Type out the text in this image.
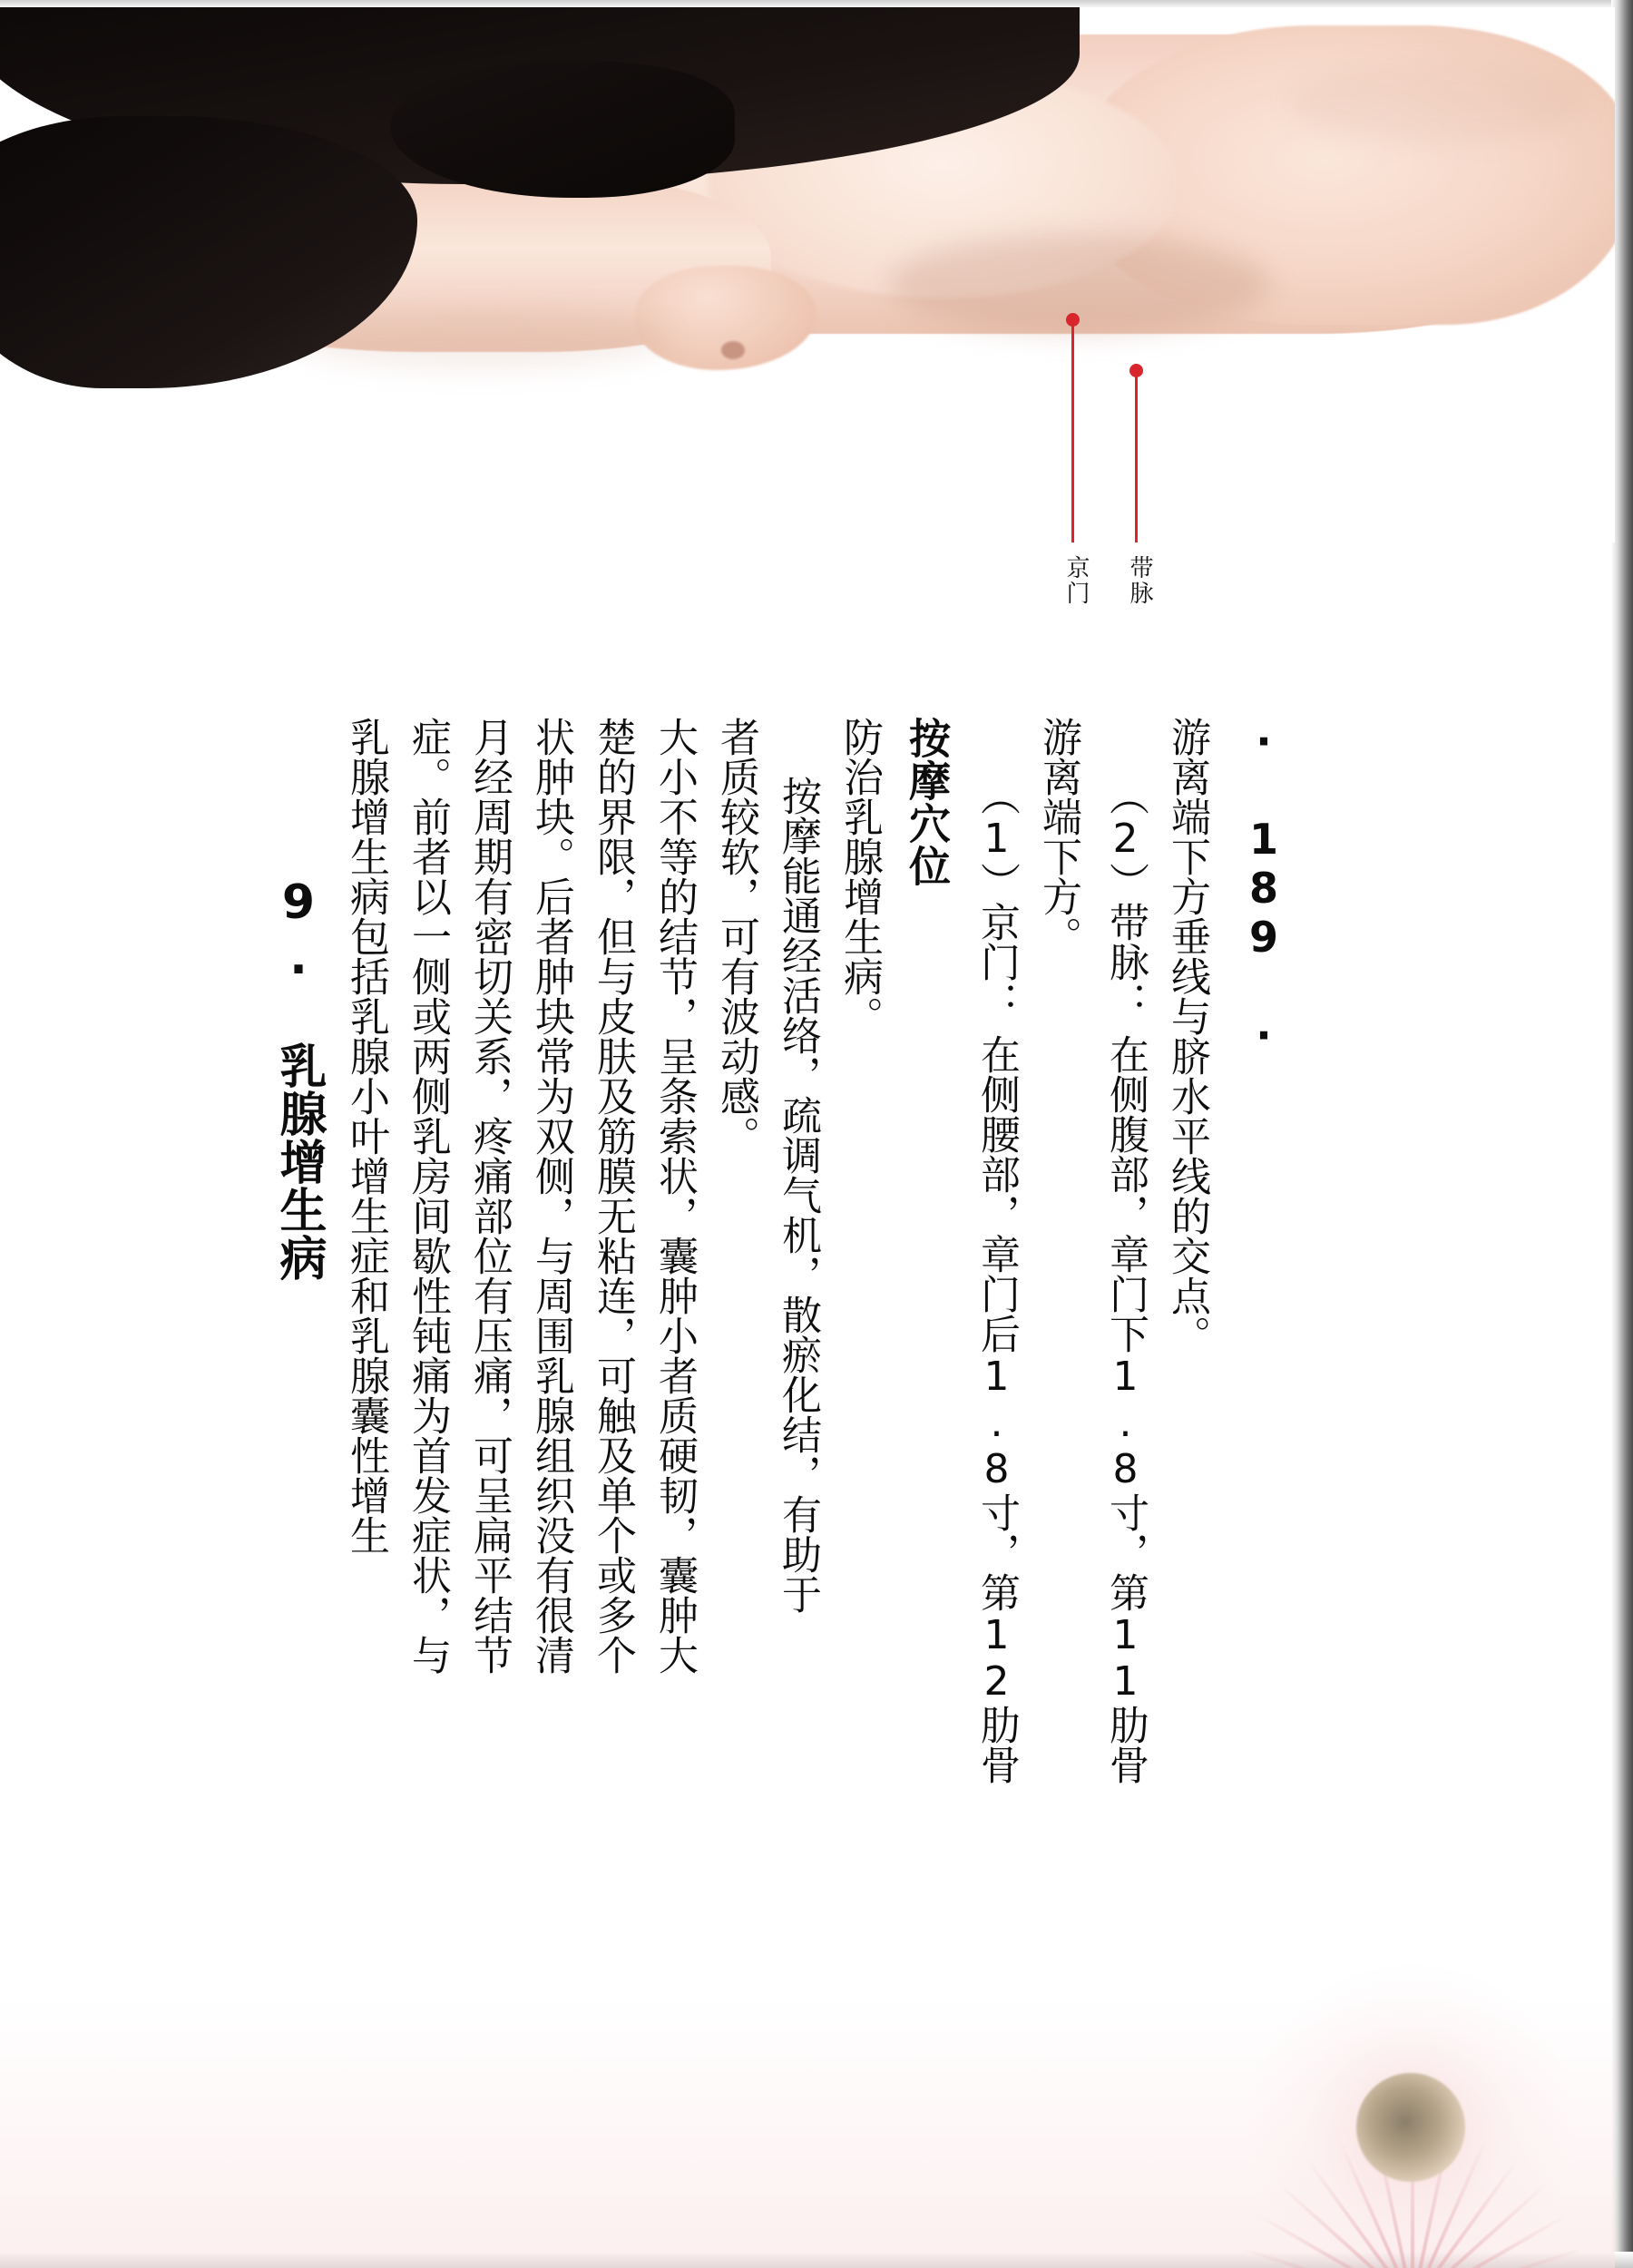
京门 带脉
9. 乳腺增生病 乳腺增生病包括乳腺小叶增生症和乳腺囊性增生 症。前者以一侧或两侧乳房间歇性钝痛为首发症状，与 月经周期有密切关系，疼痛部位有压痛，可呈扁平结节 状肿块。后者肿块常为双侧，与周围乳腺组织没有很清 楚的界限，但与皮肤及筋膜无粘连，可触及单个或多个 大小不等的结节，呈条索状，囊肿小者质硬韧，囊肿大 者质较软，可有波动感。 按摩能通经活络，疏调气机，散瘀化结，有助于 防治乳腺增生病。 按摩穴位 （1）京门：
在侧腰部，章门后1.8寸，第12肋骨
游离端下方。 （2）带脉：
在侧腹部，章门下1.8寸，第11肋骨 游离端下方垂线与脐水平线的交点。 · 189 ·
